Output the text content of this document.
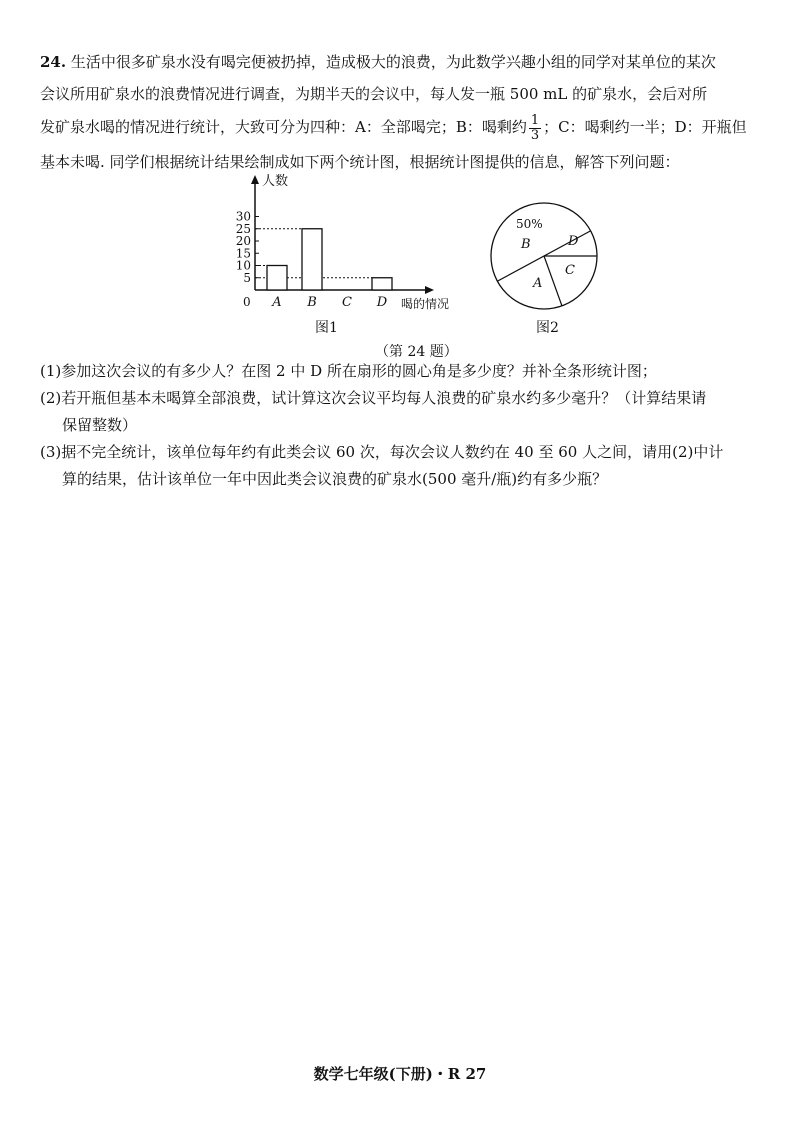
24. 生活中很多矿泉水没有喝完便被扔掉，造成极大的浪费，为此数学兴趣小组的同学对某单位的某次
会议所用矿泉水的浪费情况进行调查，为期半天的会议中，每人发一瓶 500 mL 的矿泉水，会后对所
发矿泉水喝的情况进行统计，大致可分为四种：A：全部喝完；B：喝剩约 $\frac{1}{3}$ ；C：喝剩约一半；D：开瓶但
基本未喝. 同学们根据统计结果绘制成如下两个统计图，根据统计图提供的信息，解答下列问题：
人数
喝的情况
0
5
10
15
20
25
30
A B C D
图1
50%
B	D
C
A
图2
（第 24 题）
(1)参加这次会议的有多少人？在图 2 中 D 所在扇形的圆心角是多少度？并补全条形统计图；
(2)若开瓶但基本未喝算全部浪费，试计算这次会议平均每人浪费的矿泉水约多少毫升？（计算结果请
保留整数）
(3)据不完全统计，该单位每年约有此类会议 60 次，每次会议人数约在 40 至 60 人之间，请用(2)中计
算的结果，估计该单位一年中因此类会议浪费的矿泉水(500 毫升/瓶)约有多少瓶？
数学七年级(下册)・R 27
